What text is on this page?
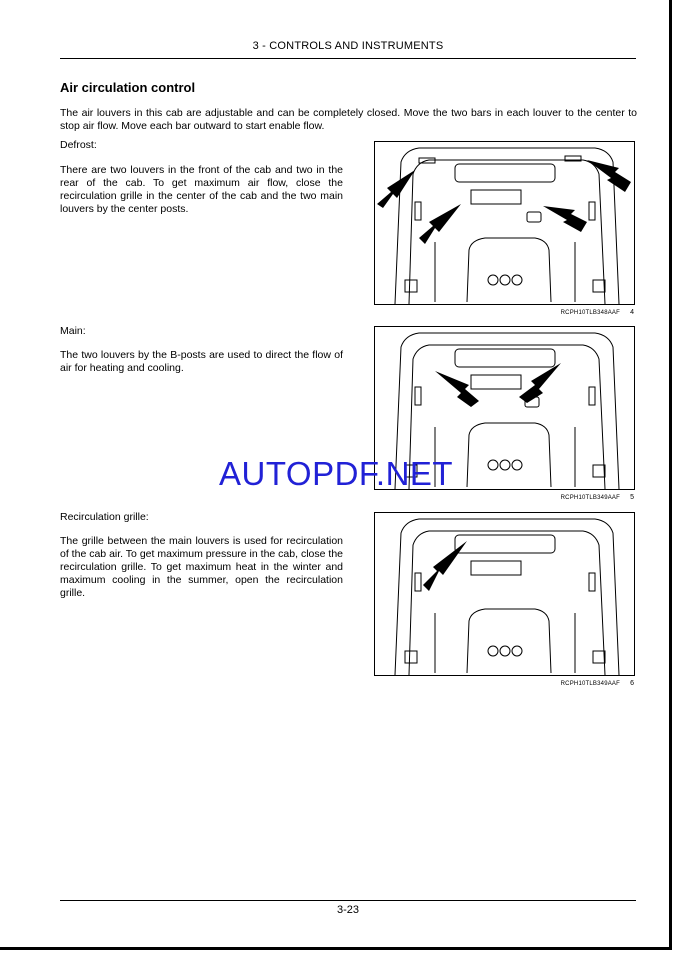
3 - CONTROLS AND INSTRUMENTS
Air circulation control
The air louvers in this cab are adjustable and can be completely closed. Move the two bars in each louver to the center to stop air flow. Move each bar outward to start enable flow.
Defrost:
There are two louvers in the front of the cab and two in the rear of the cab. To get maximum air flow, close the recirculation grille in the center of the cab and the two main louvers by the center posts.
RCPH10TLB348AAF 4
Main:
The two louvers by the B-posts are used to direct the flow of air for heating and cooling.
RCPH10TLB349AAF 5
Recirculation grille:
The grille between the main louvers is used for recirculation of the cab air. To get maximum pressure in the cab, close the recirculation grille. To get maximum heat in the winter and maximum cooling in the summer, open the recirculation grille.
RCPH10TLB349AAF 6
AUTOPDF.NET
3-23
